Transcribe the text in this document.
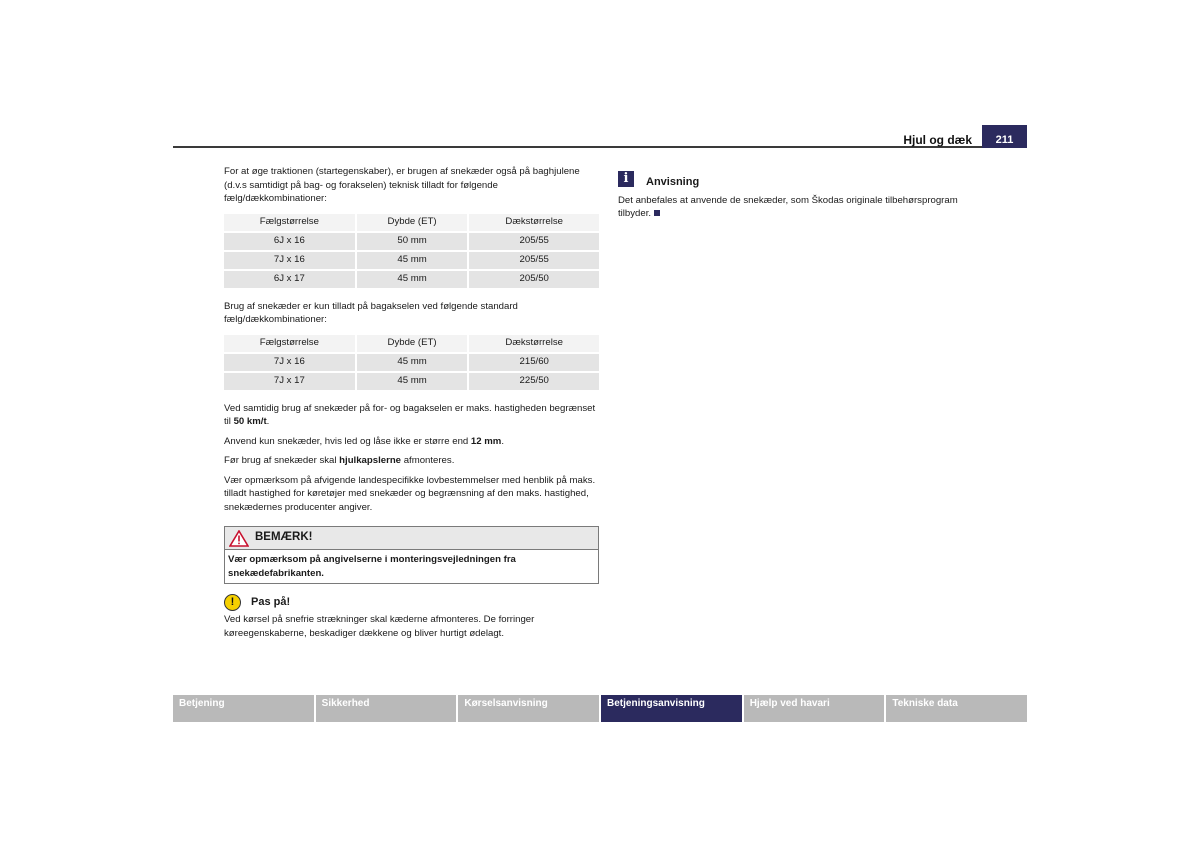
Hjul og dæk	211

For at øge traktionen (startegenskaber), er brugen af snekæder også på baghjulene (d.v.s samtidigt på bag- og forakselen) teknisk tilladt for følgende fælg/dækkombinationer:

Fælgstørrelse	Dybde (ET)	Dækstørrelse
6J x 16	50 mm	205/55
7J x 16	45 mm	205/55
6J x 17	45 mm	205/50

Brug af snekæder er kun tilladt på bagakselen ved følgende standard fælg/dækkombinationer:

Fælgstørrelse	Dybde (ET)	Dækstørrelse
7J x 16	45 mm	215/60
7J x 17	45 mm	225/50

Ved samtidig brug af snekæder på for- og bagakselen er maks. hastigheden begrænset til 50 km/t.

Anvend kun snekæder, hvis led og låse ikke er større end 12 mm.

Før brug af snekæder skal hjulkapslerne afmonteres.

Vær opmærksom på afvigende landespecifikke lovbestemmelser med henblik på maks. tilladt hastighed for køretøjer med snekæder og begrænsning af den maks. hastighed, snekædernes producenter angiver.

BEMÆRK!
Vær opmærksom på angivelserne i monteringsvejledningen fra snekædefabrikanten.
!	Pas på!

Ved kørsel på snefrie strækninger skal kæderne afmonteres. De forringer køreegenskaberne, beskadiger dækkene og bliver hurtigt ødelagt.

i	Anvisning

Det anbefales at anvende de snekæder, som Škodas originale tilbehørsprogram tilbyder.

Betjening	Sikkerhed	Kørselsanvisning	Betjeningsanvisning	Hjælp ved havari	Tekniske data
